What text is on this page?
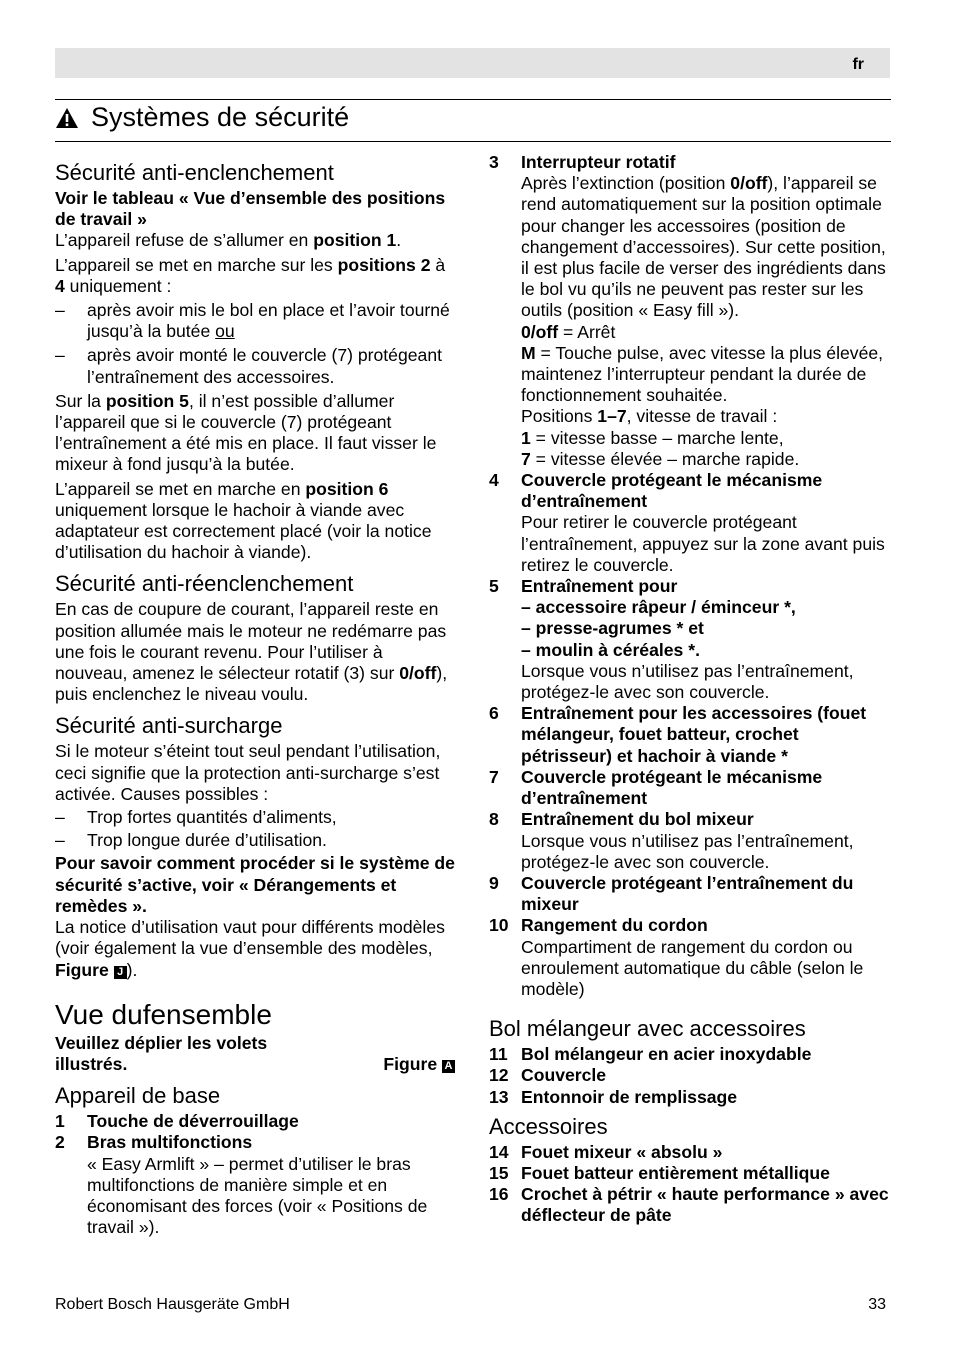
fr
Systèmes de sécurité
Sécurité anti-enclenchement

Voir le tableau « Vue d’ensemble des positions de travail »

L’appareil refuse de s’allumer en position 1.

L’appareil se met en marche sur les positions 2 à 4 uniquement :

–	après avoir mis le bol en place et l’avoir tourné jusqu’à la butée ou
–	après avoir monté le couvercle (7) protégeant l’entraînement des accessoires.

Sur la position 5, il n’est possible d’allumer l’appareil que si le couvercle (7) protégeant l’entraînement a été mis en place. Il faut visser le mixeur à fond jusqu’à la butée.

L’appareil se met en marche en position 6 uniquement lorsque le hachoir à viande avec adaptateur est correctement placé (voir la notice d’utilisation du hachoir à viande).

Sécurité anti-réenclenchement

En cas de coupure de courant, l’appareil reste en position allumée mais le moteur ne redémarre pas une fois le courant revenu. Pour l’utiliser à nouveau, amenez le sélecteur rotatif (3) sur 0/off), puis enclenchez le niveau voulu.

Sécurité anti-surcharge

Si le moteur s’éteint tout seul pendant l’utilisation, ceci signifie que la protection anti-surcharge s’est activée. Causes possibles :

–	Trop fortes quantités d’aliments,
–	Trop longue durée d’utilisation.

Pour savoir comment procéder si le système de sécurité s’active, voir « Dérangements et remèdes ».

La notice d’utilisation vaut pour différents modèles (voir également la vue d’ensemble des modèles, Figure J ).

Vue dufensemble

Veuillez déplier les volets

illustrés.	Figure A
Appareil de base
1	Touche de déverrouillage
2	Bras multifonctions

« Easy Armlift » – permet d’utiliser le bras multifonctions de manière simple et en économisant des forces (voir « Positions de travail »).

3	Interrupteur rotatif

Après l’extinction (position 0/off), l’appareil se rend automatiquement sur la position optimale pour changer les accessoires (position de changement d’accessoires). Sur cette position, il est plus facile de verser des ingrédients dans le bol vu qu’ils ne peuvent pas rester sur les outils (position « Easy fill »).

0/off = Arrêt

M = Touche pulse, avec vitesse la plus élevée, maintenez l’interrupteur pendant la durée de fonctionnement souhaitée.

Positions 1–7, vitesse de travail :

1 = vitesse basse – marche lente,

7 = vitesse élevée – marche rapide.

4	Couvercle protégeant le mécanisme d’entraînement

Pour retirer le couvercle protégeant l’entraînement, appuyez sur la zone avant puis retirez le couvercle.

5	Entraînement pour

– accessoire râpeur / éminceur *,

– presse-agrumes * et

– moulin à céréales *.

Lorsque vous n’utilisez pas l’entraînement, protégez-le avec son couvercle.

6	Entraînement pour les accessoires (fouet mélangeur, fouet batteur, crochet pétrisseur) et hachoir à viande *
7	Couvercle protégeant le mécanisme d’entraînement
8	Entraînement du bol mixeur

Lorsque vous n’utilisez pas l’entraînement, protégez-le avec son couvercle.

9	Couvercle protégeant l’entraînement du mixeur
10 Rangement du cordon

Compartiment de rangement du cordon ou enroulement automatique du câble (selon le modèle)

Bol mélangeur avec accessoires
11 Bol mélangeur en acier inoxydable
12 Couvercle
13 Entonnoir de remplissage
Accessoires
14 Fouet mixeur « absolu »
15 Fouet batteur entièrement métallique
16 Crochet à pétrir « haute performance » avec déflecteur de pâte
Robert Bosch Hausgeräte GmbH	33
